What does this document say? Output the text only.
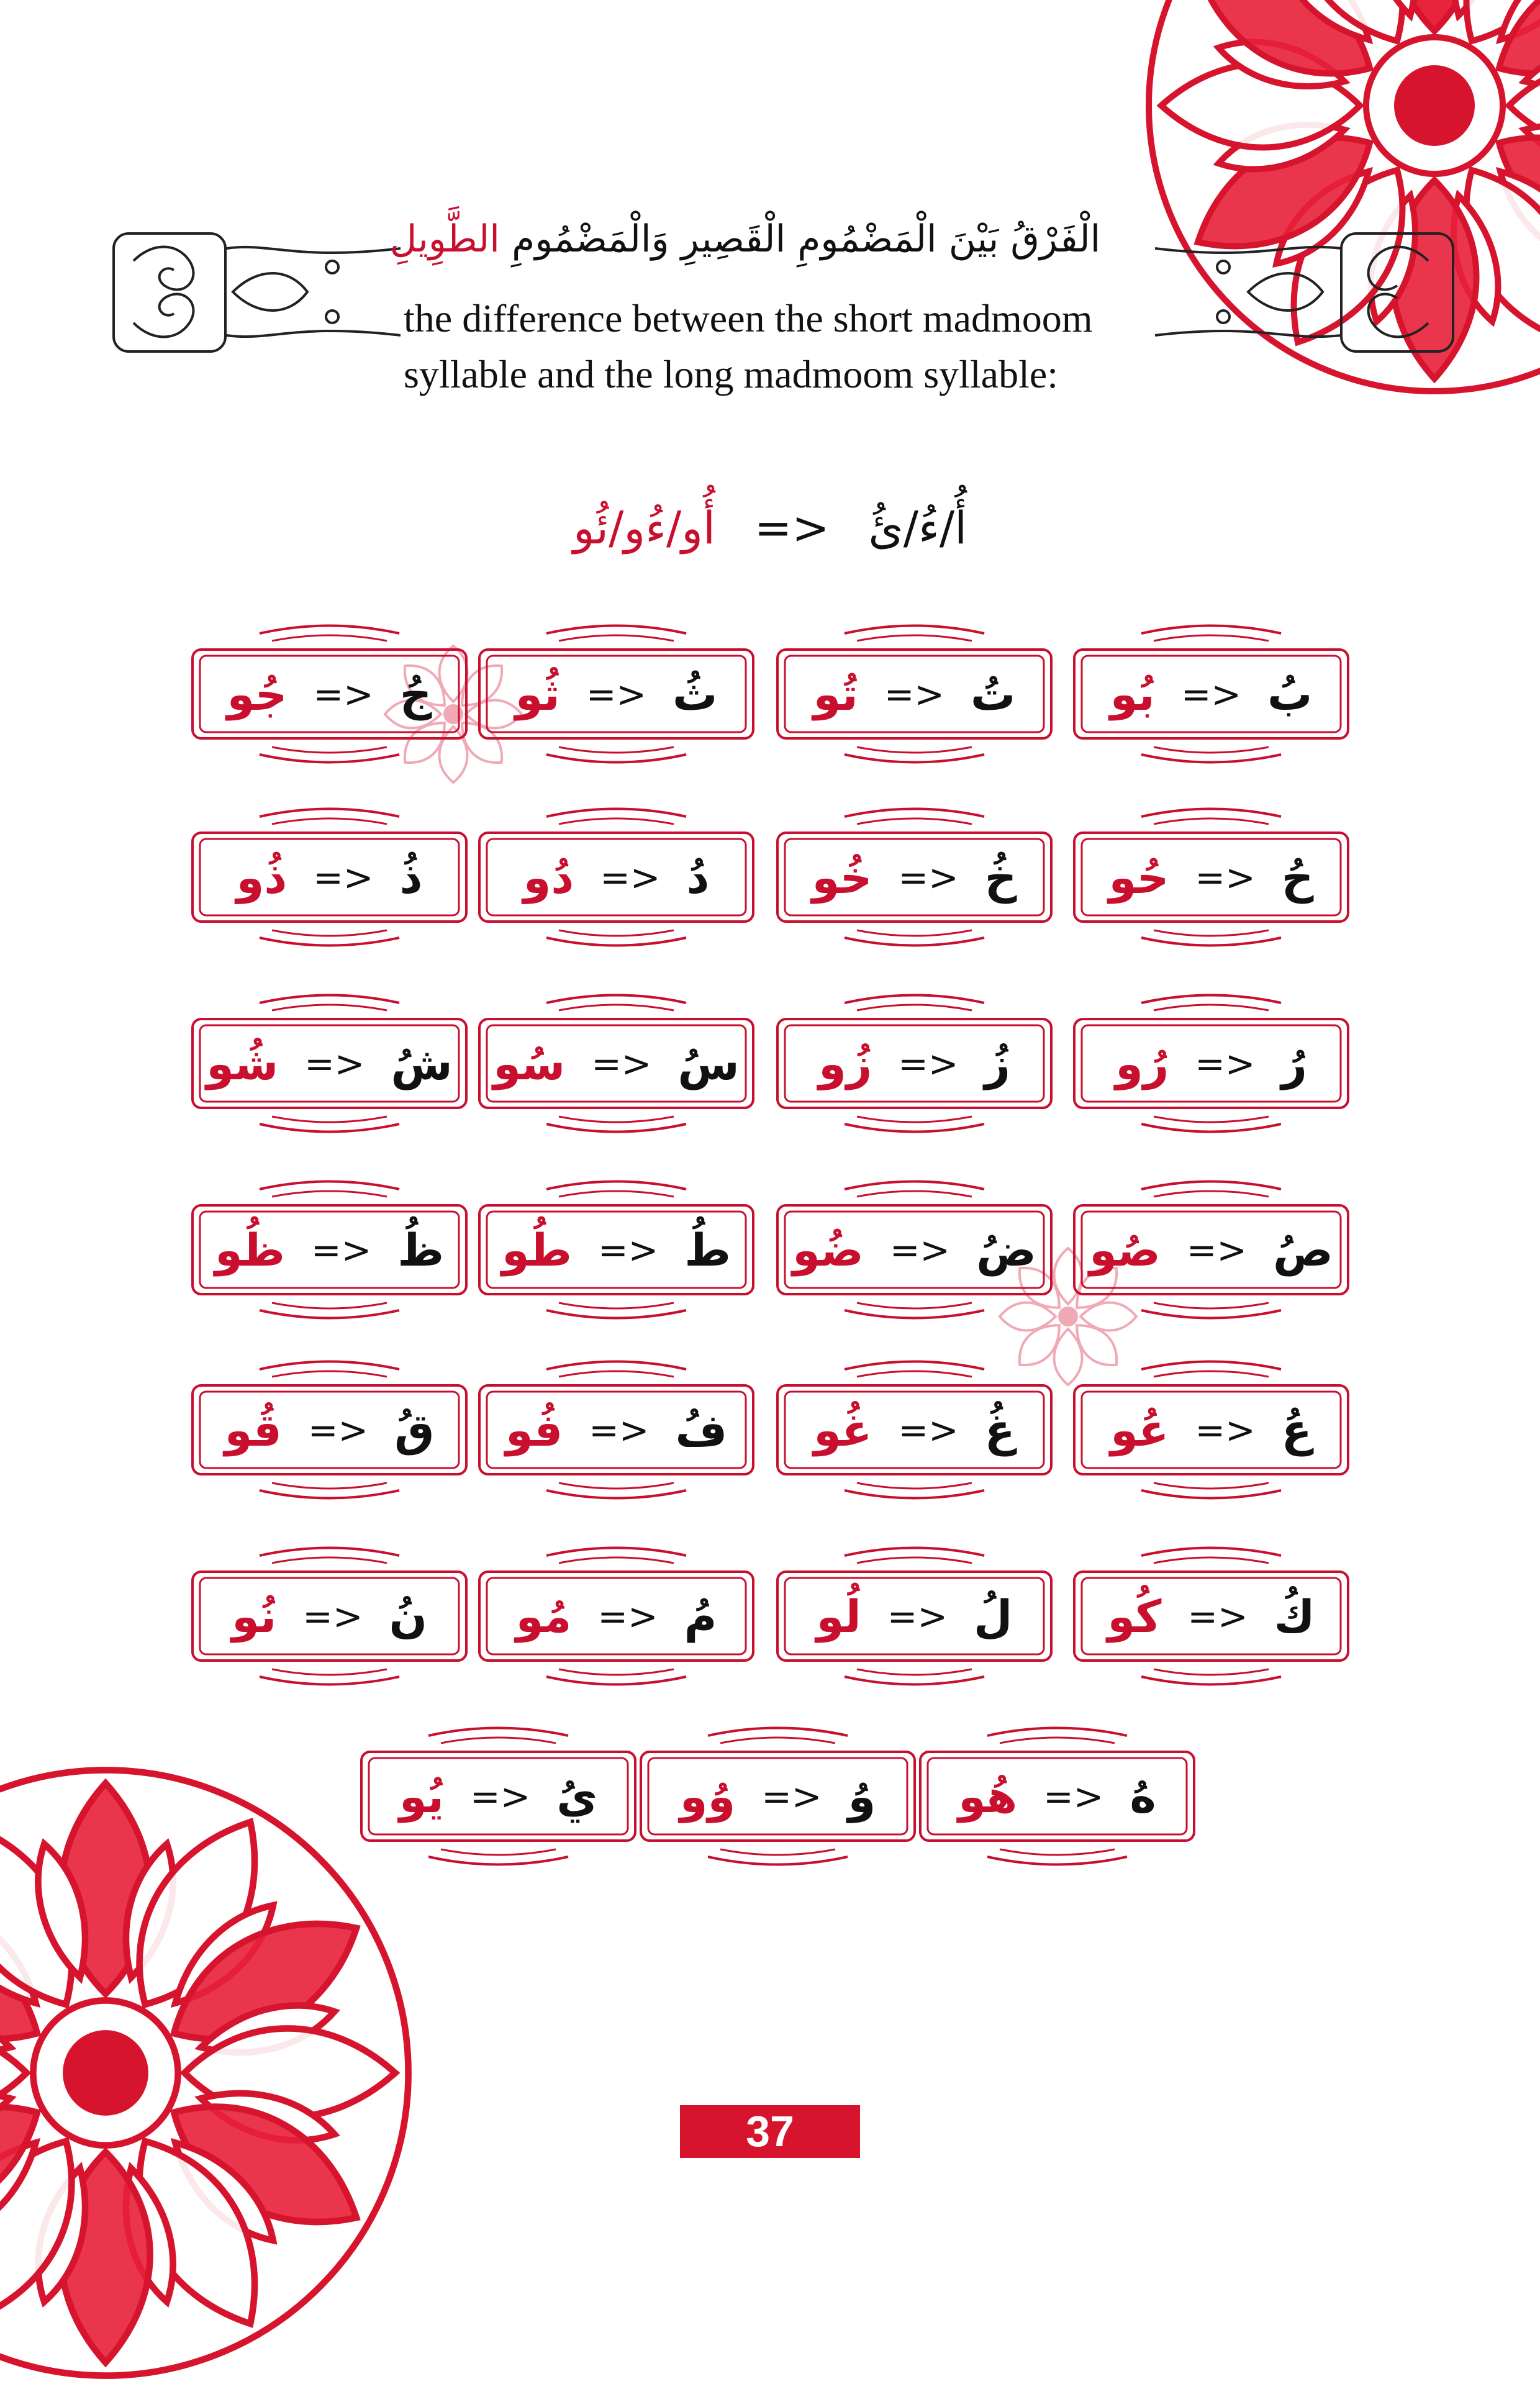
الْفَرْقُ بَيْنَ الْمَضْمُومِ الْقَصِيرِ وَالْمَضْمُومِ الطَّوِيلِ
the difference between the short madmoom
syllable and the long madmoom syllable:
أُ/ءُ/ئُ <= أُو/ءُو/ئُو
بُ
<=
بُو
تُ
<=
تُو
ثُ
<=
ثُو
جُ
<=
جُو
حُ
<=
حُو
خُ
<=
خُو
دُ
<=
دُو
ذُ
<=
ذُو
رُ
<=
رُو
زُ
<=
زُو
سُ
<=
سُو
شُ
<=
شُو
صُ
<=
صُو
ضُ
<=
ضُو
طُ
<=
طُو
ظُ
<=
ظُو
عُ
<=
عُو
غُ
<=
غُو
فُ
<=
فُو
قُ
<=
قُو
كُ
<=
كُو
لُ
<=
لُو
مُ
<=
مُو
نُ
<=
نُو
هُ
<=
هُو
وُ
<=
وُو
يُ
<=
يُو
37
